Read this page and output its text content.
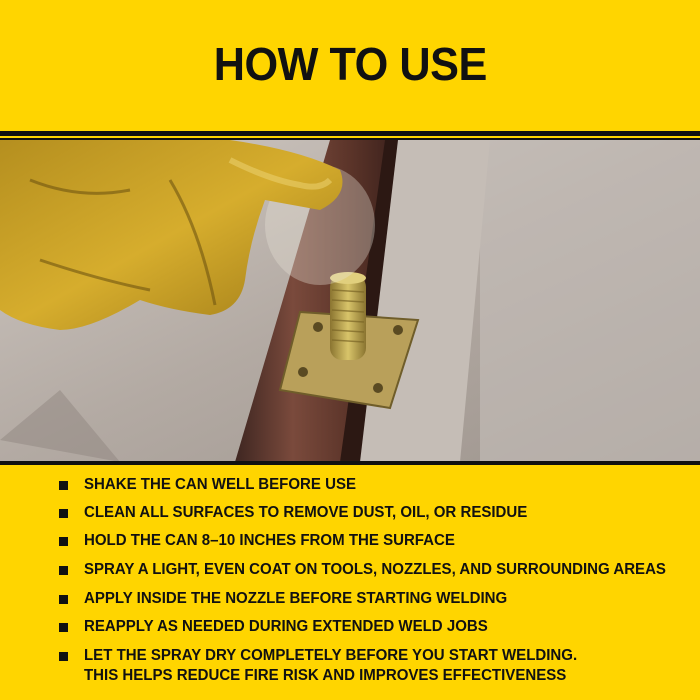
HOW TO USE
SHAKE THE CAN WELL BEFORE USE
CLEAN ALL SURFACES TO REMOVE DUST, OIL, OR RESIDUE
HOLD THE CAN 8–10 INCHES FROM THE SURFACE
SPRAY A LIGHT, EVEN COAT ON TOOLS, NOZZLES, AND SURROUNDING AREAS
APPLY INSIDE THE NOZZLE BEFORE STARTING WELDING
REAPPLY AS NEEDED DURING EXTENDED WELD JOBS
LET THE SPRAY DRY COMPLETELY BEFORE YOU START WELDING.
THIS HELPS REDUCE FIRE RISK AND IMPROVES EFFECTIVENESS
